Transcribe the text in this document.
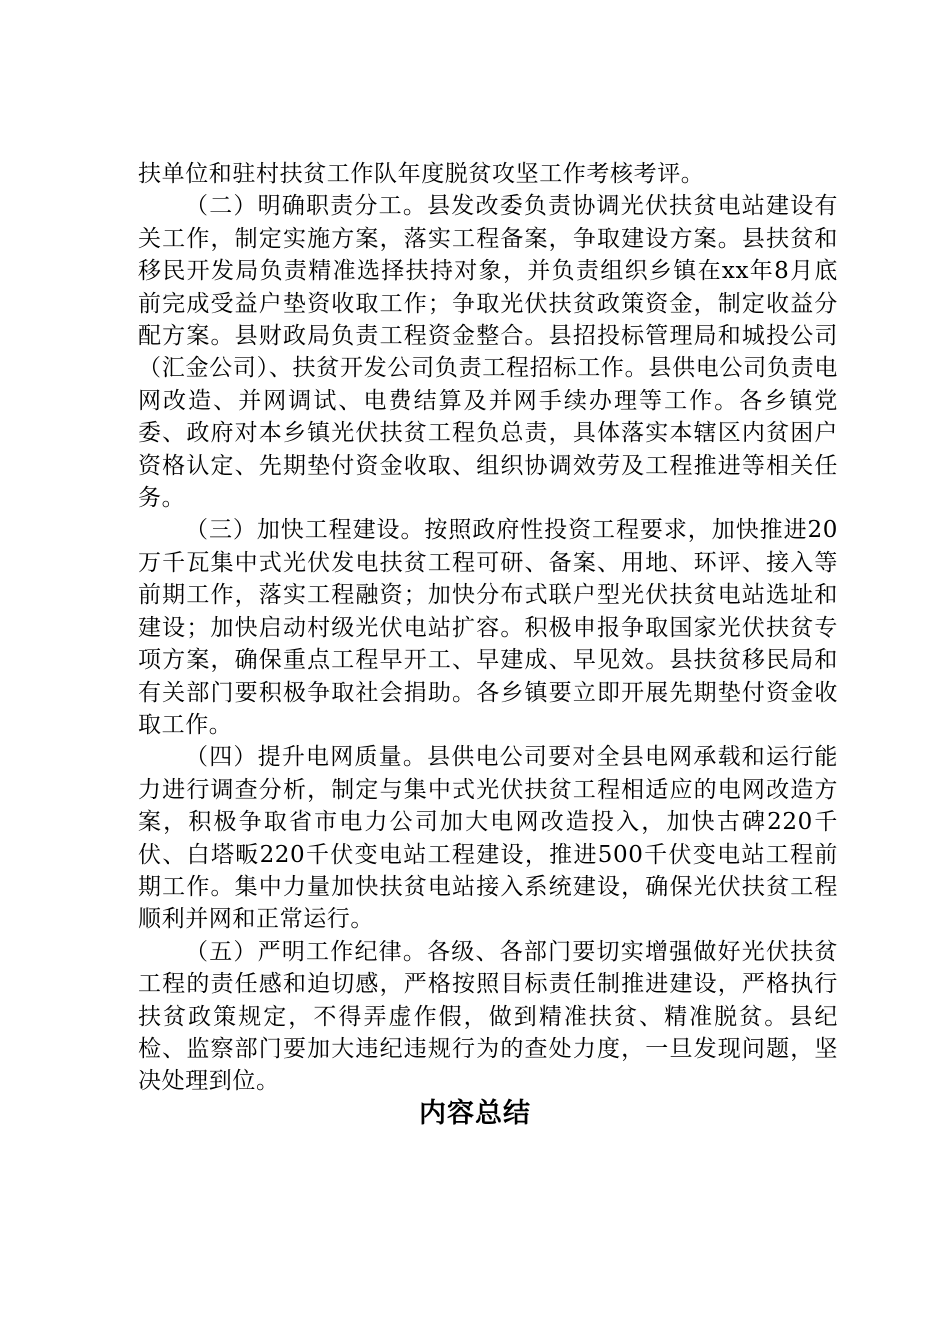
扶单位和驻村扶贫工作队年度脱贫攻坚工作考核考评。

（二）明确职责分工。县发改委负责协调光伏扶贫电站建设有关工作，制定实施方案，落实工程备案，争取建设方案。县扶贫和移民开发局负责精准选择扶持对象，并负责组织乡镇在xx年8月底前完成受益户垫资收取工作；争取光伏扶贫政策资金，制定收益分配方案。县财政局负责工程资金整合。县招投标管理局和城投公司（汇金公司）、扶贫开发公司负责工程招标工作。县供电公司负责电网改造、并网调试、电费结算及并网手续办理等工作。各乡镇党委、政府对本乡镇光伏扶贫工程负总责，具体落实本辖区内贫困户资格认定、先期垫付资金收取、组织协调效劳及工程推进等相关任务。

（三）加快工程建设。按照政府性投资工程要求，加快推进20万千瓦集中式光伏发电扶贫工程可研、备案、用地、环评、接入等前期工作，落实工程融资；加快分布式联户型光伏扶贫电站选址和建设；加快启动村级光伏电站扩容。积极申报争取国家光伏扶贫专项方案，确保重点工程早开工、早建成、早见效。县扶贫移民局和有关部门要积极争取社会捐助。各乡镇要立即开展先期垫付资金收取工作。

（四）提升电网质量。县供电公司要对全县电网承载和运行能力进行调查分析，制定与集中式光伏扶贫工程相适应的电网改造方案，积极争取省市电力公司加大电网改造投入，加快古碑220千伏、白塔畈220千伏变电站工程建设，推进500千伏变电站工程前期工作。集中力量加快扶贫电站接入系统建设，确保光伏扶贫工程顺利并网和正常运行。

（五）严明工作纪律。各级、各部门要切实增强做好光伏扶贫工程的责任感和迫切感，严格按照目标责任制推进建设，严格执行扶贫政策规定，不得弄虚作假，做到精准扶贫、精准脱贫。县纪检、监察部门要加大违纪违规行为的查处力度，一旦发现问题，坚决处理到位。

内容总结
